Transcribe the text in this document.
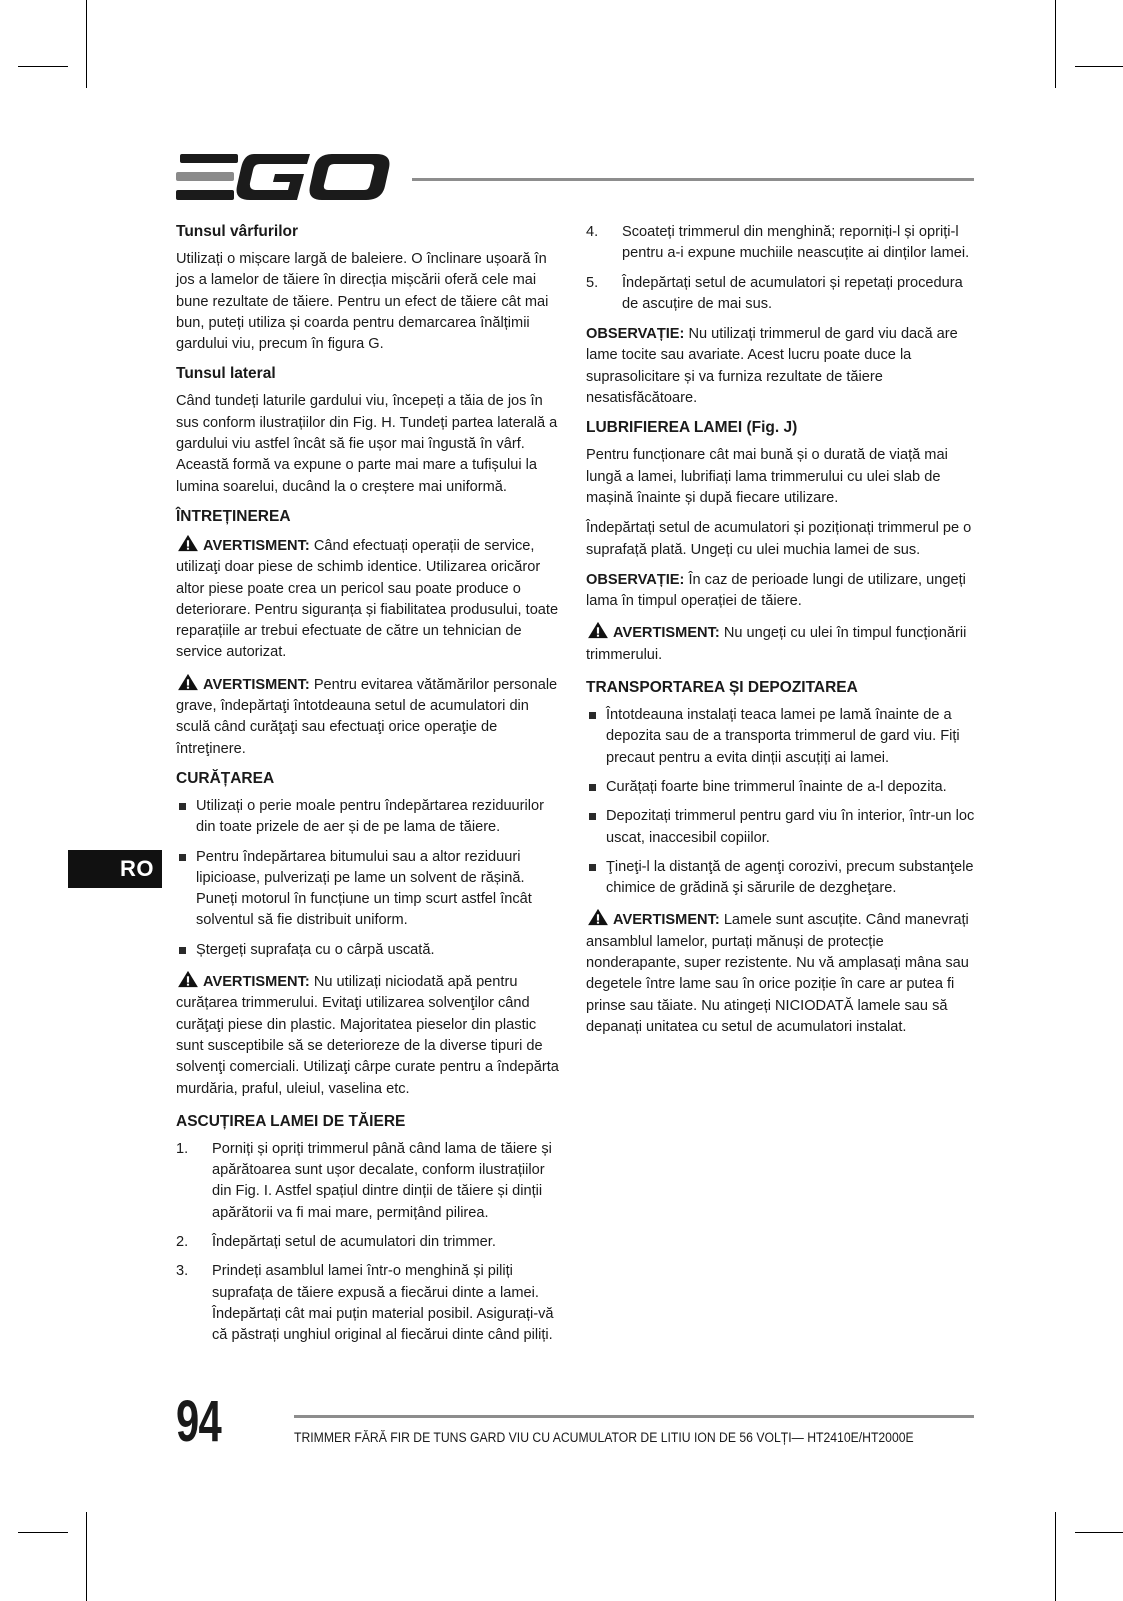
Tunsul vârfurilor

Utilizați o mișcare largă de baleiere. O înclinare ușoară în jos a lamelor de tăiere în direcția mișcării oferă cele mai bune rezultate de tăiere. Pentru un efect de tăiere cât mai bun, puteți utiliza și coarda pentru demarcarea înălțimii gardului viu, precum în figura G.

Tunsul lateral

Când tundeți laturile gardului viu, începeți a tăia de jos în sus conform ilustrațiilor din Fig. H. Tundeți partea laterală a gardului viu astfel încât să fie ușor mai îngustă în vârf. Această formă va expune o parte mai mare a tufișului la lumina soarelui, ducând la o creștere mai uniformă.

ÎNTREȚINEREA
AVERTISMENT: Când efectuați operații de service, utilizaţi doar piese de schimb identice. Utilizarea oricăror altor piese poate crea un pericol sau poate produce o deteriorare. Pentru siguranța și fiabilitatea produsului, toate reparațiile ar trebui efectuate de către un tehnician de service autorizat.
AVERTISMENT: Pentru evitarea vătămărilor personale grave, îndepărtaţi întotdeauna setul de acumulatori din sculă când curăţaţi sau efectuaţi orice operaţie de întreţinere.
CURĂȚAREA
Utilizați o perie moale pentru îndepărtarea reziduurilor din toate prizele de aer și de pe lama de tăiere.
Pentru îndepărtarea bitumului sau a altor reziduuri lipicioase, pulverizați pe lame un solvent de rășină. Puneți motorul în funcțiune un timp scurt astfel încât solventul să fie distribuit uniform.
Ștergeți suprafața cu o cârpă uscată.
AVERTISMENT: Nu utilizați niciodată apă pentru curățarea trimmerului. Evitaţi utilizarea solvenţilor când curăţaţi piese din plastic. Majoritatea pieselor din plastic sunt susceptibile să se deterioreze de la diverse tipuri de solvenţi comerciali. Utilizaţi cârpe curate pentru a îndepărta murdăria, praful, uleiul, vaselina etc.
ASCUȚIREA LAMEI DE TĂIERE
1. Porniți și opriți trimmerul până când lama de tăiere și apărătoarea sunt ușor decalate, conform ilustrațiilor din Fig. I. Astfel spațiul dintre dinții de tăiere și dinții apărătorii va fi mai mare, permițând pilirea.
2. Îndepărtați setul de acumulatori din trimmer.
3. Prindeți asamblul lamei într-o menghină și piliți suprafața de tăiere expusă a fiecărui dinte a lamei. Îndepărtați cât mai puțin material posibil. Asigurați-vă că păstrați unghiul original al fiecărui dinte când piliți.
4. Scoateți trimmerul din menghină; reporniți-l și opriți-l pentru a-i expune muchiile neascuțite ai dinților lamei.
5. Îndepărtați setul de acumulatori și repetați procedura de ascuțire de mai sus.

OBSERVAȚIE: Nu utilizați trimmerul de gard viu dacă are lame tocite sau avariate. Acest lucru poate duce la suprasolicitare și va furniza rezultate de tăiere nesatisfăcătoare.

LUBRIFIEREA LAMEI (Fig. J)

Pentru funcționare cât mai bună și o durată de viață mai lungă a lamei, lubrifiați lama trimmerului cu ulei slab de mașină înainte și după fiecare utilizare.

Îndepărtați setul de acumulatori și poziționați trimmerul pe o suprafață plată. Ungeți cu ulei muchia lamei de sus.

OBSERVAȚIE: În caz de perioade lungi de utilizare, ungeți lama în timpul operației de tăiere.

AVERTISMENT: Nu ungeți cu ulei în timpul funcționării trimmerului.
TRANSPORTAREA ȘI DEPOZITAREA
Întotdeauna instalați teaca lamei pe lamă înainte de a depozita sau de a transporta trimmerul de gard viu. Fiți precaut pentru a evita dinții ascuțiți ai lamei.
Curățați foarte bine trimmerul înainte de a-l depozita.
Depozitați trimmerul pentru gard viu în interior, într-un loc uscat, inaccesibil copiilor.
Ţineţi-l la distanţă de agenţi corozivi, precum substanţele chimice de grădină şi sărurile de dezgheţare.
AVERTISMENT: Lamele sunt ascuțite. Când manevrați ansamblul lamelor, purtați mănuși de protecție nonderapante, super rezistente. Nu vă amplasați mâna sau degetele între lame sau în orice poziție în care ar putea fi prinse sau tăiate. Nu atingeți NICIODATĂ lamele sau să depanați unitatea cu setul de acumulatori instalat.
RO
94	TRIMMER FĂRĂ FIR DE TUNS GARD VIU CU ACUMULATOR DE LITIU ION DE 56 VOLȚI— HT2410E/HT2000E
